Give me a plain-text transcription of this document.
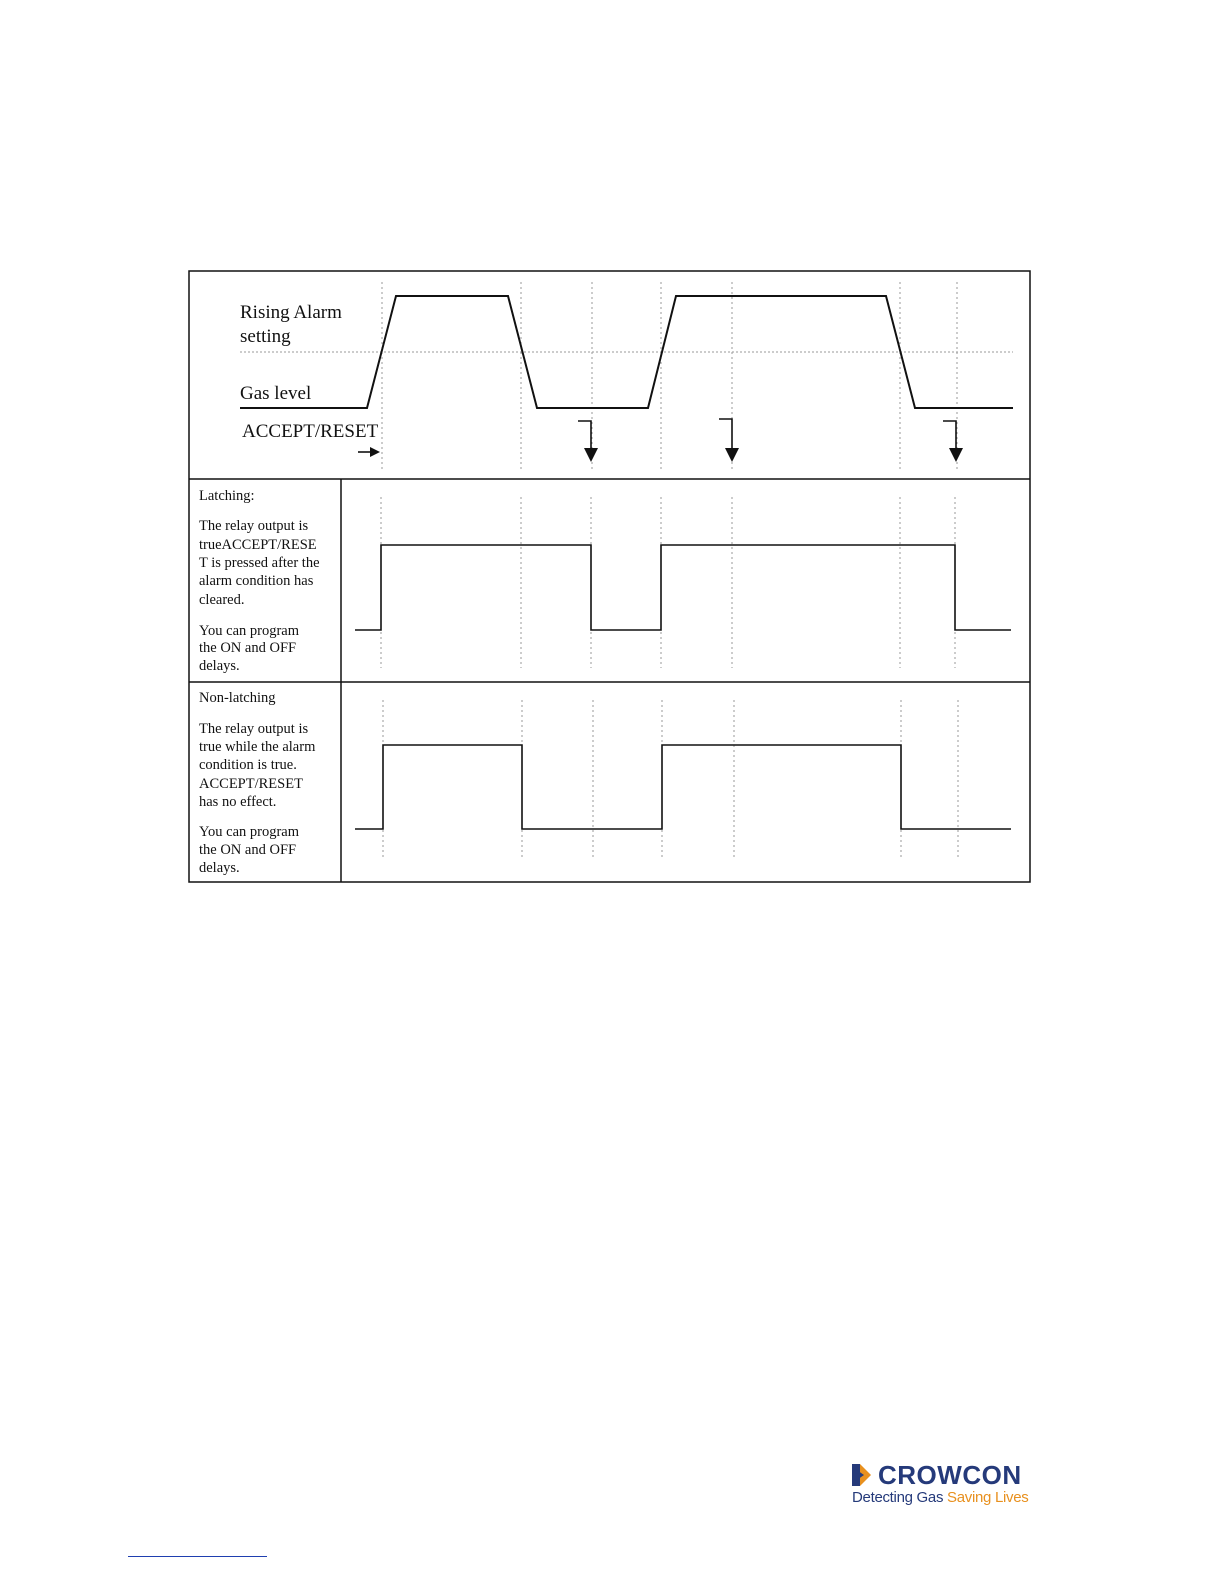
Rising Alarm
setting
Gas level
ACCEPT/RESET
Latching:
The relay output is
trueACCEPT/RESE
T is pressed after the
alarm condition has
cleared.
You can program
the ON and OFF
delays.
Non-latching
The relay output is
true while the alarm
condition is true.
ACCEPT/RESET
has no effect.
You can program
the ON and OFF
delays.
CROWCON
Detecting Gas Saving Lives
